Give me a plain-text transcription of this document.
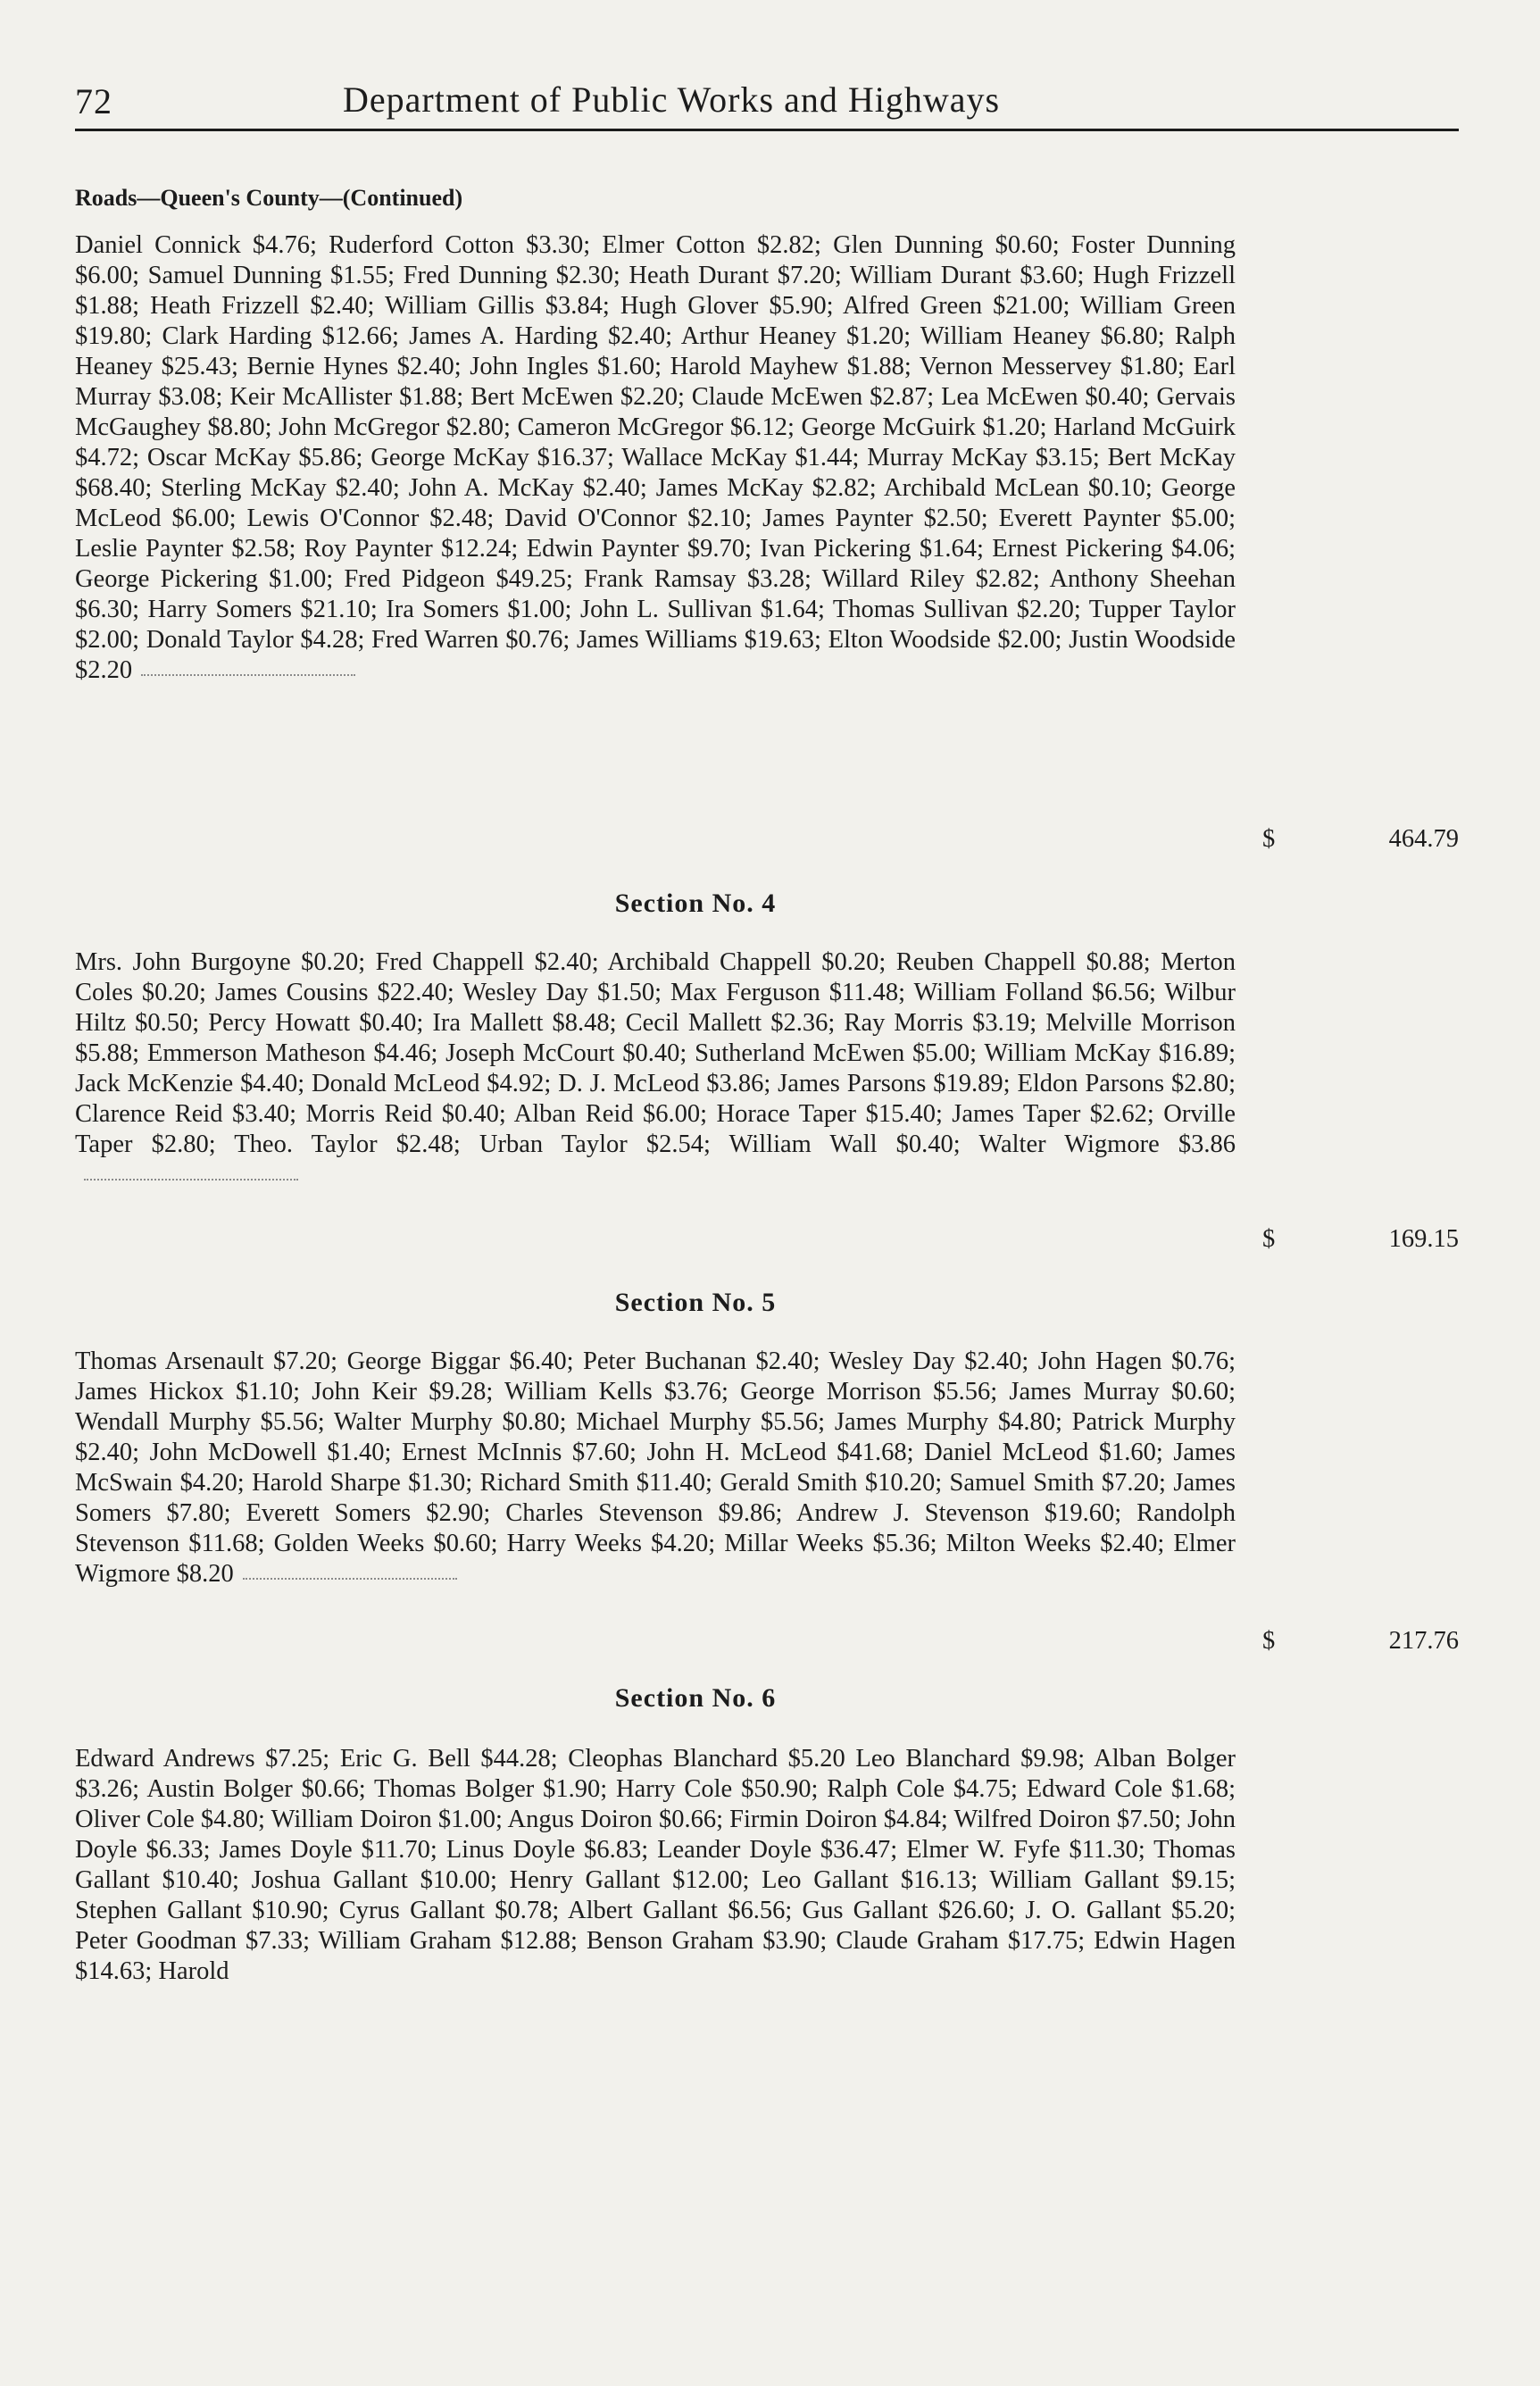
72	Department of Public Works and Highways
Roads—Queen's County—(Continued)

Daniel Connick $4.76; Ruderford Cotton $3.30; Elmer Cotton $2.82; Glen Dunning $0.60; Foster Dunning $6.00; Samuel Dunning $1.55; Fred Dunning $2.30; Heath Durant $7.20; William Durant $3.60; Hugh Frizzell $1.88; Heath Frizzell $2.40; William Gillis $3.84; Hugh Glover $5.90; Alfred Green $21.00; William Green $19.80; Clark Harding $12.66; James A. Harding $2.40; Arthur Heaney $1.20; William Heaney $6.80; Ralph Heaney $25.43; Bernie Hynes $2.40; John Ingles $1.60; Harold Mayhew $1.88; Vernon Messervey $1.80; Earl Murray $3.08; Keir McAllister $1.88; Bert McEwen $2.20; Claude McEwen $2.87; Lea McEwen $0.40; Gervais McGaughey $8.80; John McGregor $2.80; Cameron McGregor $6.12; George McGuirk $1.20; Harland McGuirk $4.72; Oscar McKay $5.86; George McKay $16.37; Wallace McKay $1.44; Murray McKay $3.15; Bert McKay $68.40; Sterling McKay $2.40; John A. McKay $2.40; James McKay $2.82; Archibald McLean $0.10; George McLeod $6.00; Lewis O'Connor $2.48; David O'Connor $2.10; James Paynter $2.50; Everett Paynter $5.00; Leslie Paynter $2.58; Roy Paynter $12.24; Edwin Paynter $9.70; Ivan Pickering $1.64; Ernest Pickering $4.06; George Pickering $1.00; Fred Pidgeon $49.25; Frank Ramsay $3.28; Willard Riley $2.82; Anthony Sheehan $6.30; Harry Somers $21.10; Ira Somers $1.00; John L. Sullivan $1.64; Thomas Sullivan $2.20; Tupper Taylor $2.00; Donald Taylor $4.28; Fred Warren $0.76; James Williams $19.63; Elton Woodside $2.00; Justin Woodside $2.20

$	464.79
Section No. 4

Mrs. John Burgoyne $0.20; Fred Chappell $2.40; Archibald Chappell $0.20; Reuben Chappell $0.88; Merton Coles $0.20; James Cousins $22.40; Wesley Day $1.50; Max Ferguson $11.48; William Folland $6.56; Wilbur Hiltz $0.50; Percy Howatt $0.40; Ira Mallett $8.48; Cecil Mallett $2.36; Ray Morris $3.19; Melville Morrison $5.88; Emmerson Matheson $4.46; Joseph McCourt $0.40; Sutherland McEwen $5.00; William McKay $16.89; Jack McKenzie $4.40; Donald McLeod $4.92; D. J. McLeod $3.86; James Parsons $19.89; Eldon Parsons $2.80; Clarence Reid $3.40; Morris Reid $0.40; Alban Reid $6.00; Horace Taper $15.40; James Taper $2.62; Orville Taper $2.80; Theo. Taylor $2.48; Urban Taylor $2.54; William Wall $0.40; Walter Wigmore $3.86

$	169.15
Section No. 5

Thomas Arsenault $7.20; George Biggar $6.40; Peter Buchanan $2.40; Wesley Day $2.40; John Hagen $0.76; James Hickox $1.10; John Keir $9.28; William Kells $3.76; George Morrison $5.56; James Murray $0.60; Wendall Murphy $5.56; Walter Murphy $0.80; Michael Murphy $5.56; James Murphy $4.80; Patrick Murphy $2.40; John McDowell $1.40; Ernest McInnis $7.60; John H. McLeod $41.68; Daniel McLeod $1.60; James McSwain $4.20; Harold Sharpe $1.30; Richard Smith $11.40; Gerald Smith $10.20; Samuel Smith $7.20; James Somers $7.80; Everett Somers $2.90; Charles Stevenson $9.86; Andrew J. Stevenson $19.60; Randolph Stevenson $11.68; Golden Weeks $0.60; Harry Weeks $4.20; Millar Weeks $5.36; Milton Weeks $2.40; Elmer Wigmore $8.20

$	217.76
Section No. 6

Edward Andrews $7.25; Eric G. Bell $44.28; Cleophas Blanchard $5.20 Leo Blanchard $9.98; Alban Bolger $3.26; Austin Bolger $0.66; Thomas Bolger $1.90; Harry Cole $50.90; Ralph Cole $4.75; Edward Cole $1.68; Oliver Cole $4.80; William Doiron $1.00; Angus Doiron $0.66; Firmin Doiron $4.84; Wilfred Doiron $7.50; John Doyle $6.33; James Doyle $11.70; Linus Doyle $6.83; Leander Doyle $36.47; Elmer W. Fyfe $11.30; Thomas Gallant $10.40; Joshua Gallant $10.00; Henry Gallant $12.00; Leo Gallant $16.13; William Gallant $9.15; Stephen Gallant $10.90; Cyrus Gallant $0.78; Albert Gallant $6.56; Gus Gallant $26.60; J. O. Gallant $5.20; Peter Goodman $7.33; William Graham $12.88; Benson Graham $3.90; Claude Graham $17.75; Edwin Hagen $14.63; Harold
